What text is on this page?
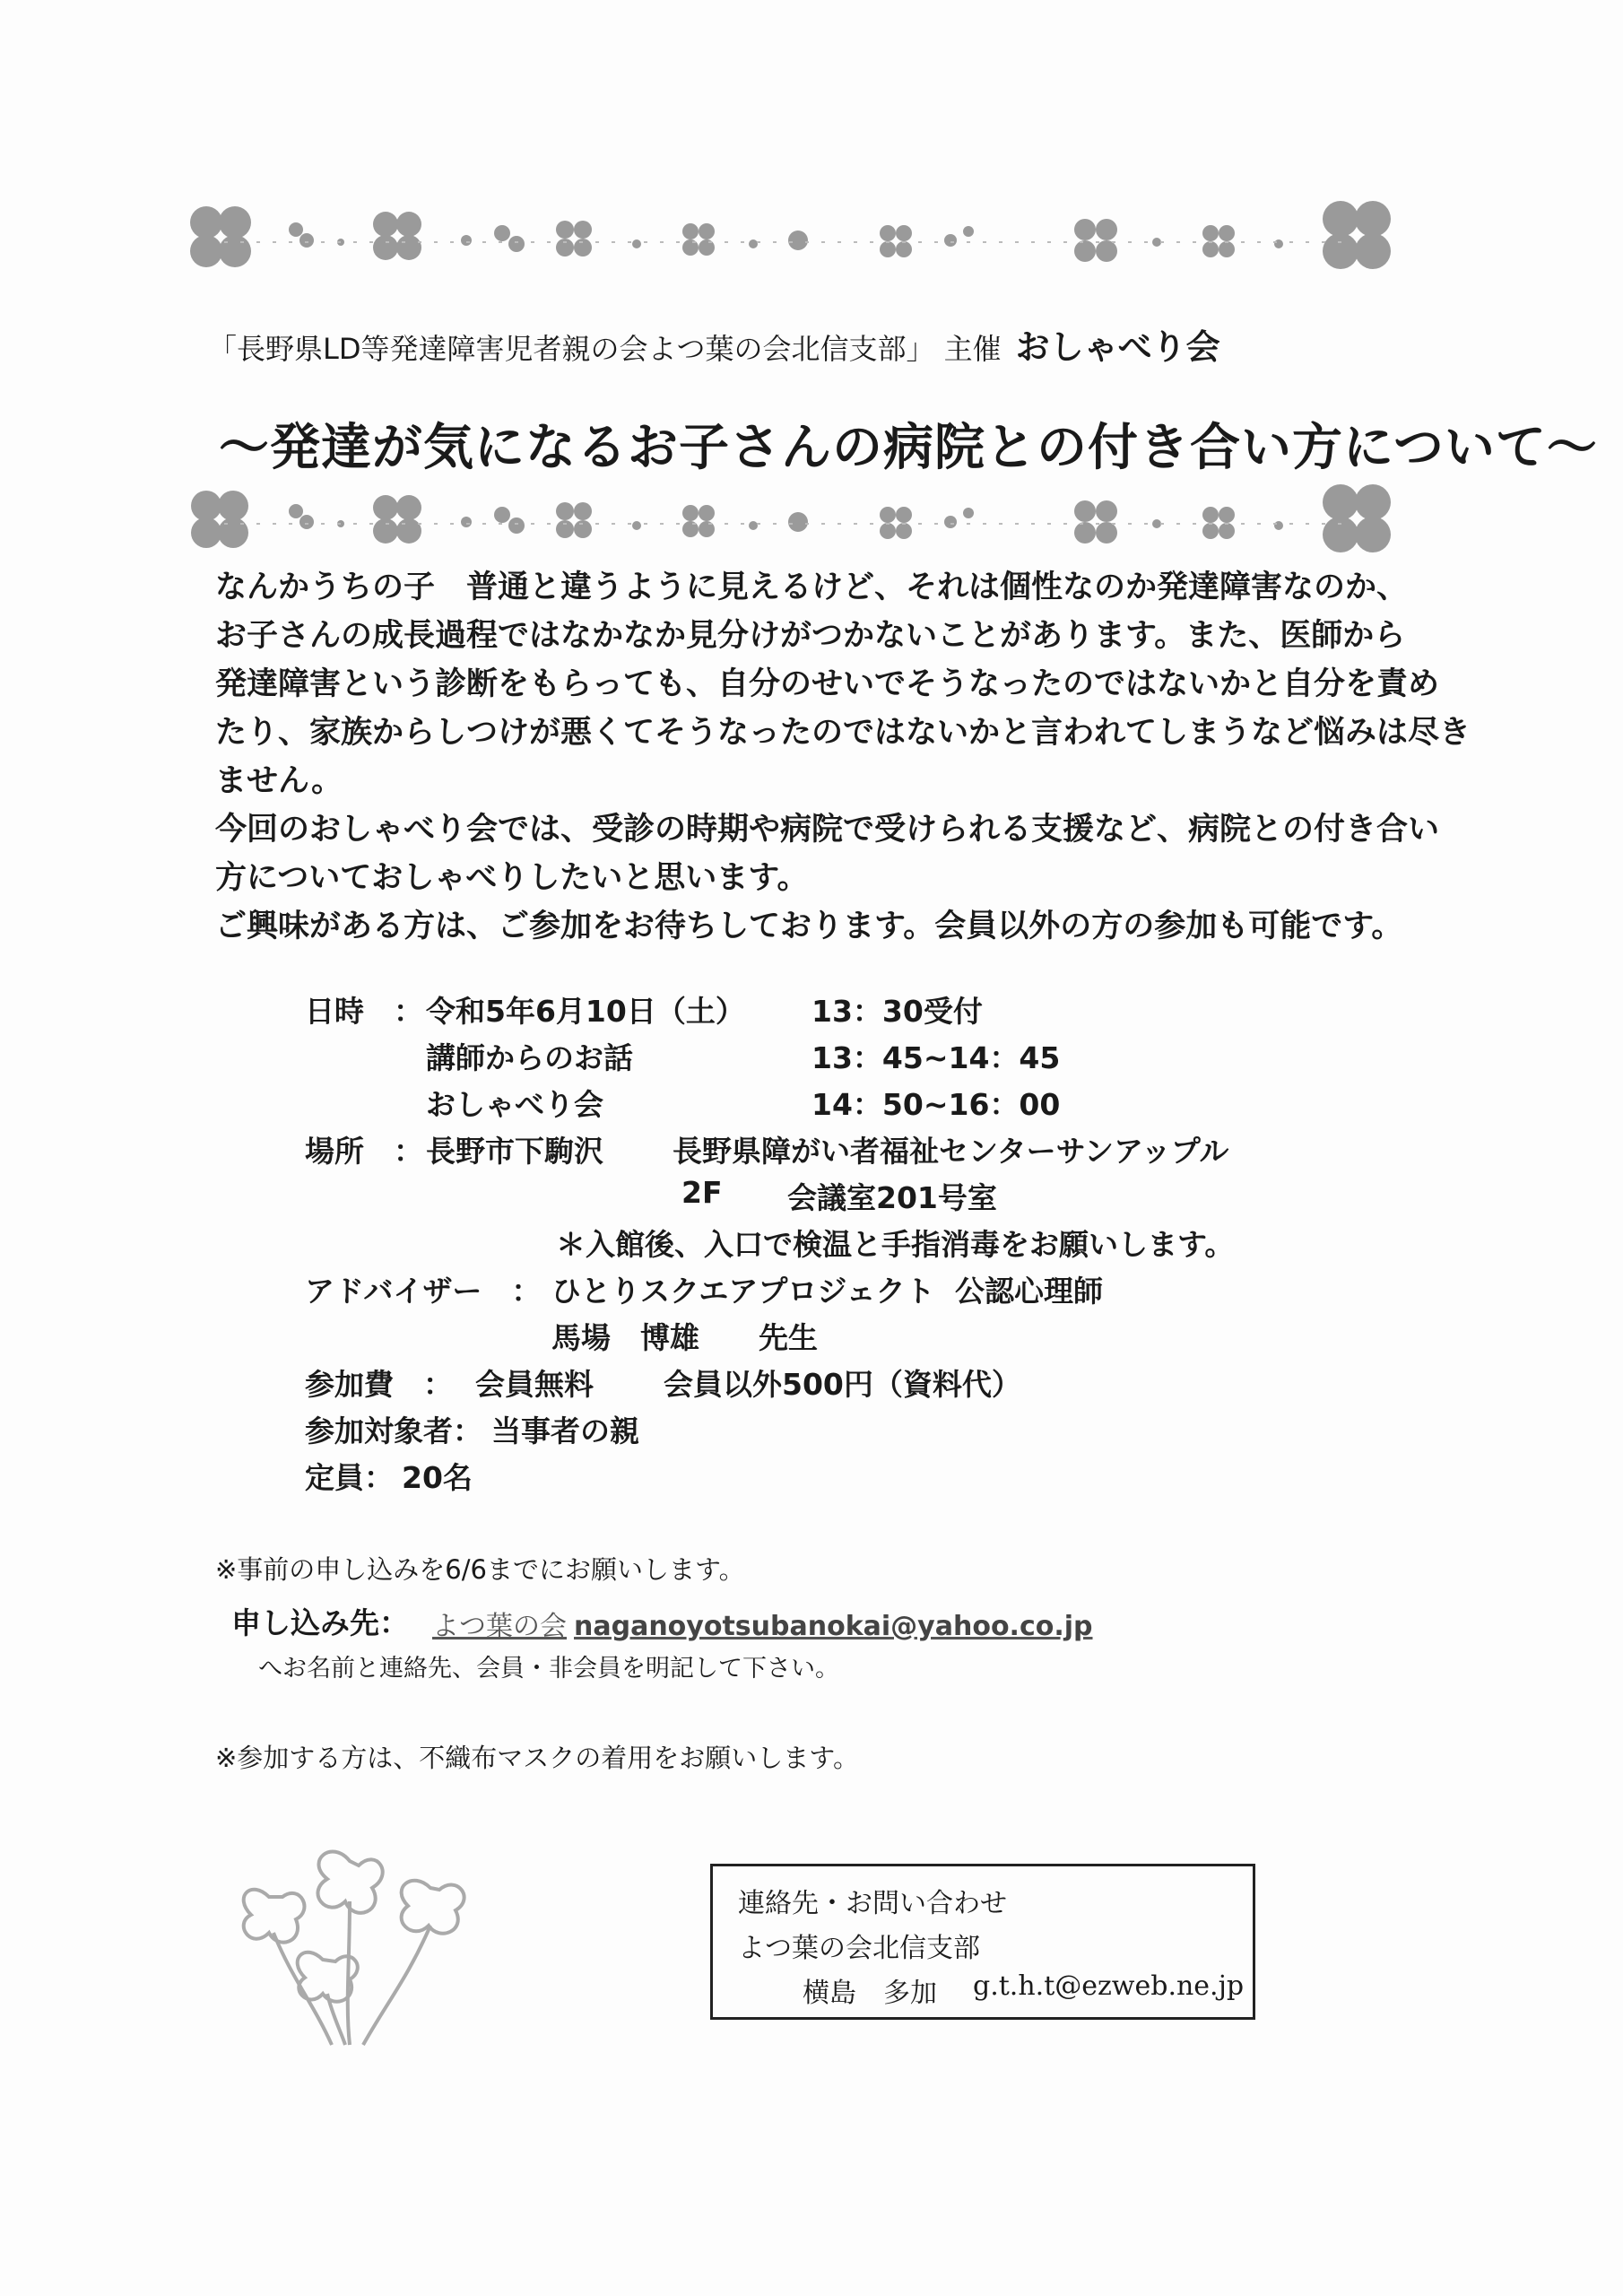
「長野県LD等発達障害児者親の会よつ葉の会北信支部」 主催 おしゃべり会
～発達が気になるお子さんの病院との付き合い方について～

なんかうちの子　普通と違うように見えるけど、それは個性なのか発達障害なのか、

お子さんの成長過程ではなかなか見分けがつかないことがあります。また、医師から

発達障害という診断をもらっても、自分のせいでそうなったのではないかと自分を責め

たり、家族からしつけが悪くてそうなったのではないかと言われてしまうなど悩みは尽き

ません。

今回のおしゃべり会では、受診の時期や病院で受けられる支援など、病院との付き合い

方についておしゃべりしたいと思います。

ご興味がある方は、ご参加をお待ちしております。会員以外の方の参加も可能です。

日時　： 令和5年6月10日（土） 13：30受付
講師からのお話	13：45~14：45
おしゃべり会	14：50~16：00
場所　： 長野市下駒沢 長野県障がい者福祉センターサンアップル
2F 会議室201号室
＊入館後、入口で検温と手指消毒をお願いします。
アドバイザー　： ひとりスクエアプロジェクト 公認心理師
馬場　博雄　　先生
参加費　： 会員無料 会員以外500円（資料代）
参加対象者： 当事者の親
定員： 20名
※事前の申し込みを6/6までにお願いします。
申し込み先： よつ葉の会 naganoyotsubanokai@yahoo.co.jp
へお名前と連絡先、会員・非会員を明記して下さい。
※参加する方は、不織布マスクの着用をお願いします。
連絡先・お問い合わせ
よつ葉の会北信支部
横島　多加 g.t.h.t@ezweb.ne.jp
